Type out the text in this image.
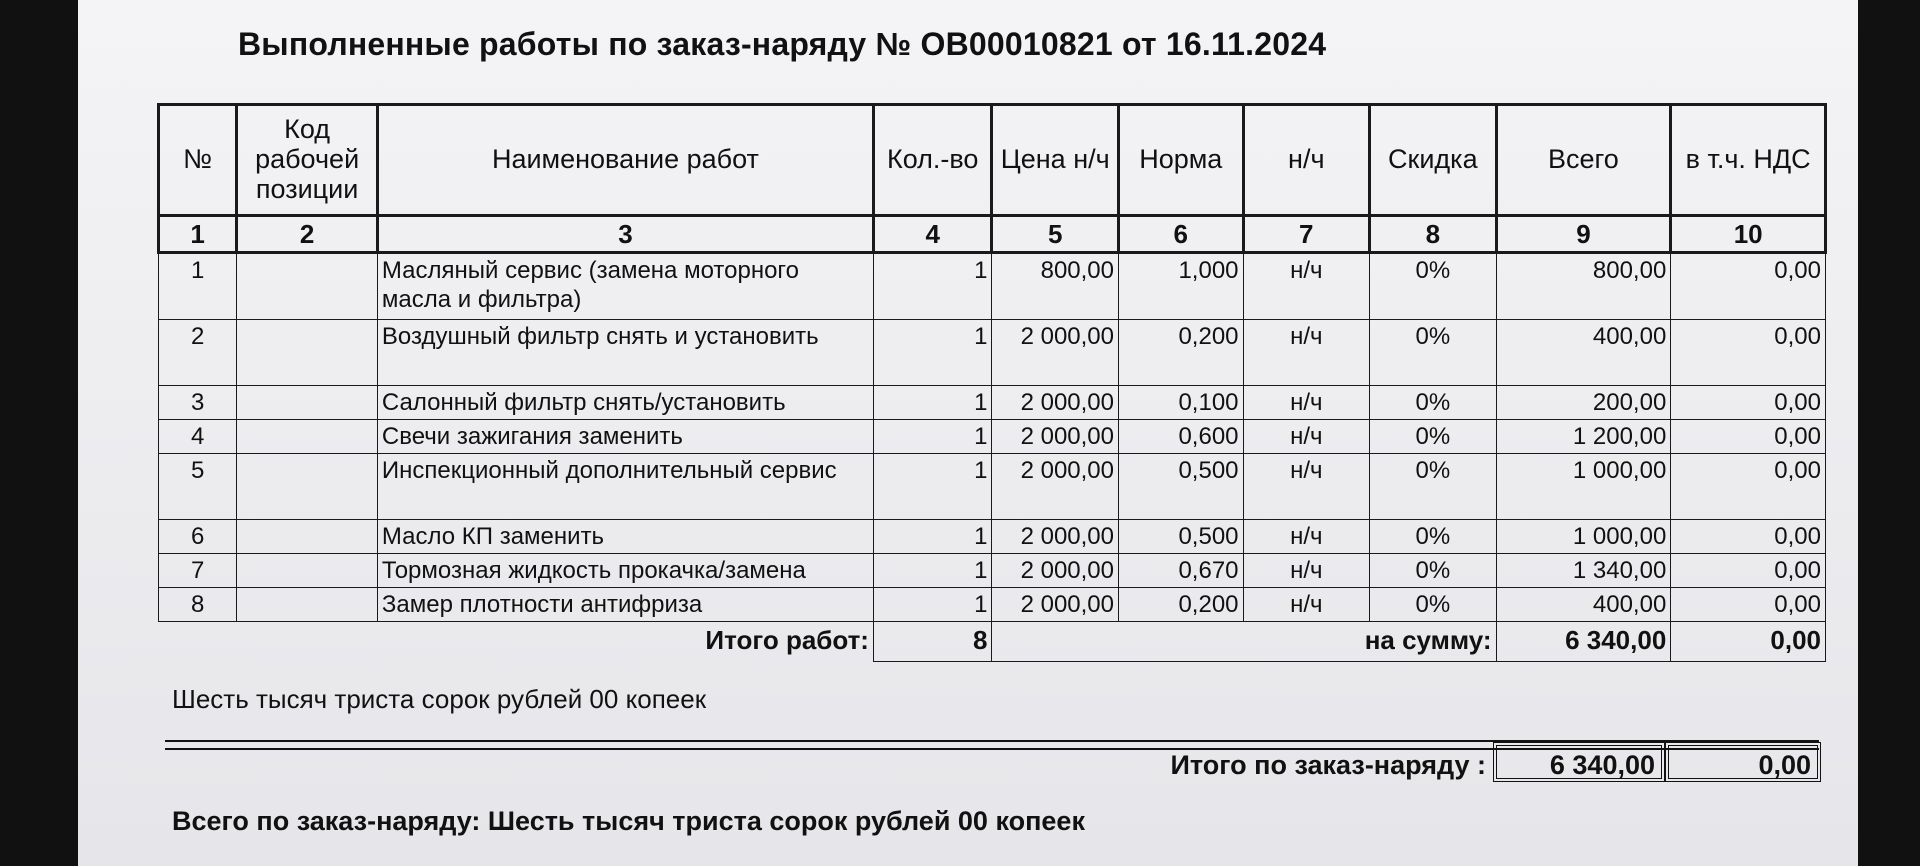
Выполненные работы по заказ-наряду № OB00010821 от 16.11.2024
№	Код рабочей позиции	Наименование работ	Кол.-во	Цена н/ч	Норма	н/ч	Скидка	Всего	в т.ч. НДС
1	2	3	4	5	6	7	8	9	10
1		Масляный сервис (замена моторного масла и фильтра)	1	800,00	1,000	н/ч	0%	800,00	0,00
2		Воздушный фильтр снять и установить	1	2 000,00	0,200	н/ч	0%	400,00	0,00
3		Салонный фильтр снять/установить	1	2 000,00	0,100	н/ч	0%	200,00	0,00
4		Свечи зажигания заменить	1	2 000,00	0,600	н/ч	0%	1 200,00	0,00
5		Инспекционный дополнительный сервис	1	2 000,00	0,500	н/ч	0%	1 000,00	0,00
6		Масло КП заменить	1	2 000,00	0,500	н/ч	0%	1 000,00	0,00
7		Тормозная жидкость прокачка/замена	1	2 000,00	0,670	н/ч	0%	1 340,00	0,00
8		Замер плотности антифриза	1	2 000,00	0,200	н/ч	0%	400,00	0,00
Итого работ:			8	на сумму:				6 340,00	0,00
Шесть тысяч триста сорок рублей 00 копеек
Итого по заказ-наряду :	6 340,00	0,00
Всего по заказ-наряду: Шесть тысяч триста сорок рублей 00 копеек
